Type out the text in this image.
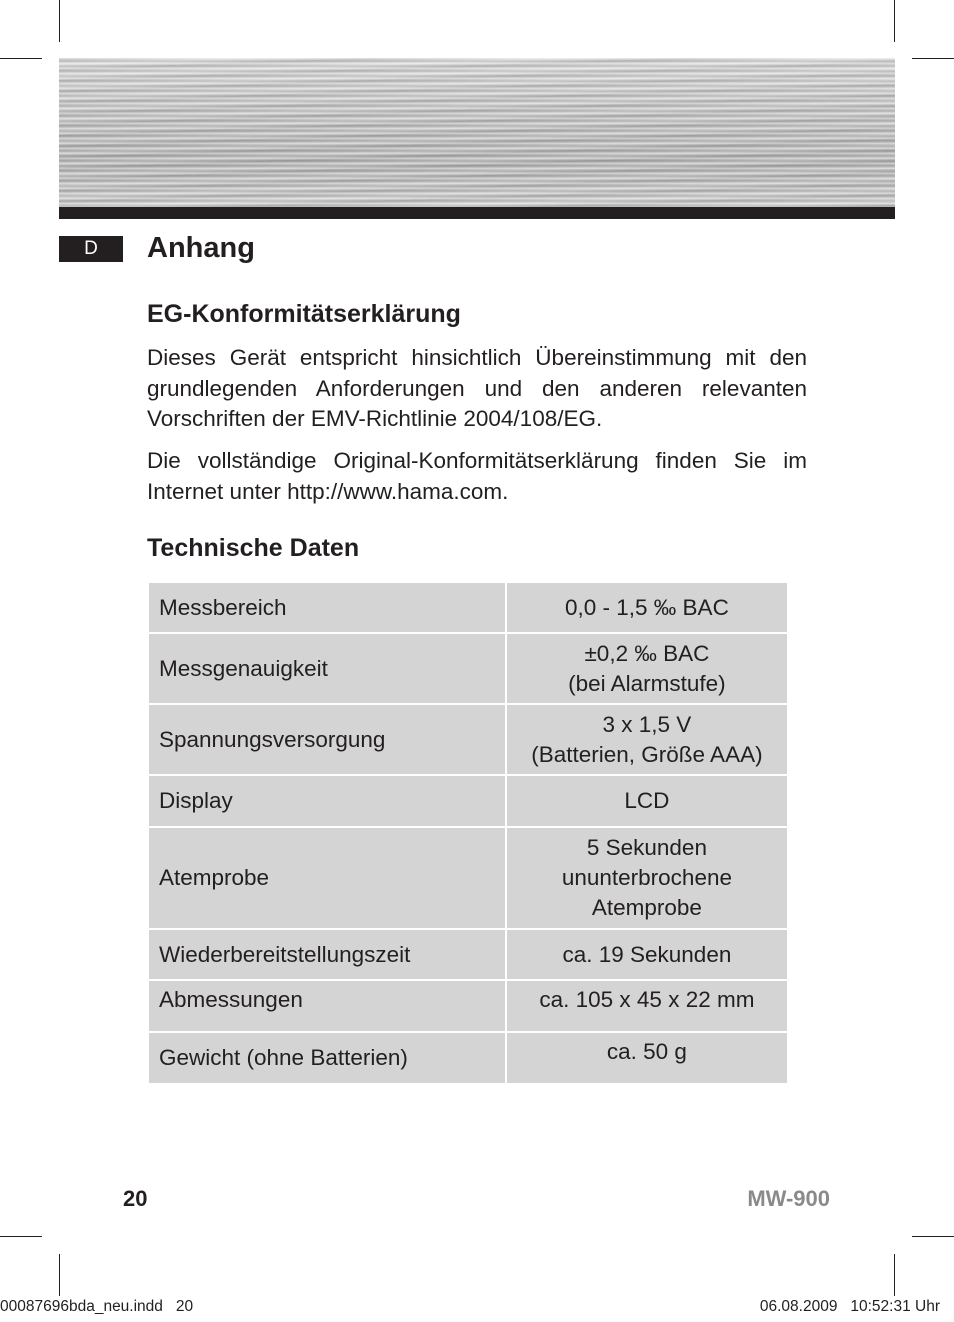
D	Anhang
EG-Konformitätserklärung

Dieses Gerät entspricht hinsichtlich Übereinstimmung mit den grundlegenden Anforderungen und den anderen relevanten Vorschriften der EMV-Richtlinie 2004/108/EG.

Die vollständige Original-Konformitätserklärung finden Sie im Internet unter http://www.hama.com.

Technische Daten
Messbereich	0,0 - 1,5 ‰ BAC
Messgenauigkeit	±0,2 ‰ BAC
(bei Alarmstufe)

Spannungsversorgung	3 x 1,5 V
(Batterien, Größe AAA)

Display	LCD
Atemprobe	5 Sekunden
ununterbrochene
Atemprobe

Wiederbereitstellungszeit	ca. 19 Sekunden
Abmessungen	ca. 105 x 45 x 22 mm
Gewicht (ohne Batterien)	ca. 50 g
20	MW-900
00087696bda_neu.indd   20	06.08.2009   10:52:31 Uhr
